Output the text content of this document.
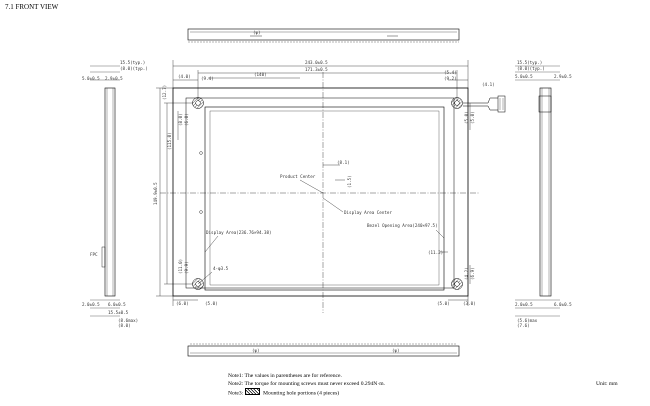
7.1 FRONT VIEW
(ψ)
(ψ)	(ψ)
243.0±0.5
171.3±0.5
(140)
(4.0) (9.4)
(5.4)
(9.2)
(4.1)
149.9±0.5
(115.0)
(12.7)
(8.0) (6.0)
(11.0) (9.9)
(5.0) (5.0)
(4.2) (6.9)
(6.0)	(5.0)	(5.0)	(3.0)
Product Center
Display Area Center
Display Area(236.76×94.38)
Bezel Opening Area(240×97.5)
4-φ3.5
(11.2)
(8.1)
(1.5)
15.5(typ.)
(8.0)(typ.)
5.0±0.5 2.9±0.5
FPC
2.0±0.5 6.0±0.5
15.5±0.5
(8.6max)
(8.0)
15.5(typ.)
(8.0)(typ.)
5.0±0.5	2.9±0.5
2.0±0.5	6.0±0.5
(5.6)max
(7.6)
Note1: The values in parentheses are for reference.
Note2: The torque for mounting screws must never exceed 0.294N·m.
Note3:	Mounting hole portions (4 pieces)
Unit: mm
